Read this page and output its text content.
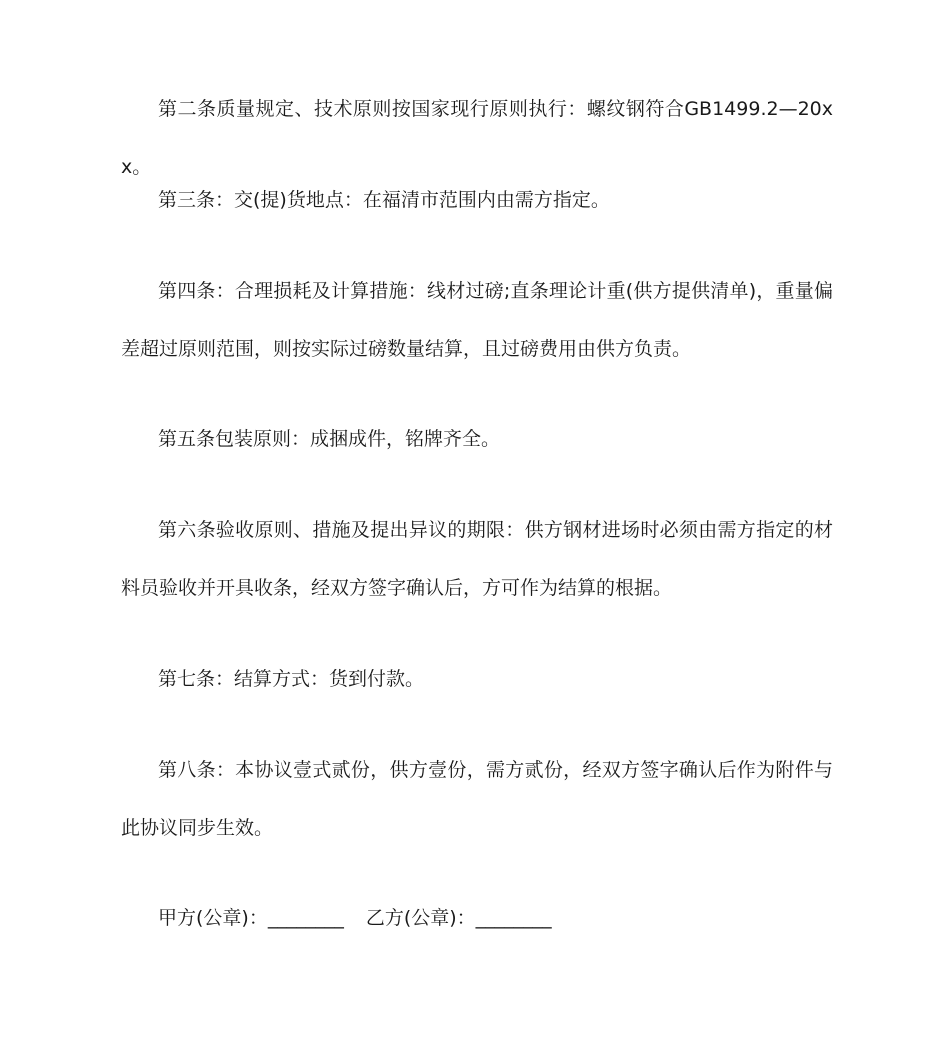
第二条质量规定、技术原则按国家现行原则执行：螺纹钢符合GB1499.2—20xx。

第三条：交(提)货地点：在福清市范围内由需方指定。

第四条：合理损耗及计算措施：线材过磅;直条理论计重(供方提供清单)，重量偏差超过原则范围，则按实际过磅数量结算，且过磅费用由供方负责。

第五条包装原则：成捆成件，铭牌齐全。

第六条验收原则、措施及提出异议的期限：供方钢材进场时必须由需方指定的材料员验收并开具收条，经双方签字确认后，方可作为结算的根据。

第七条：结算方式：货到付款。

第八条：本协议壹式贰份，供方壹份，需方贰份，经双方签字确认后作为附件与此协议同步生效。

甲方(公章)：________ 乙方(公章)：________
